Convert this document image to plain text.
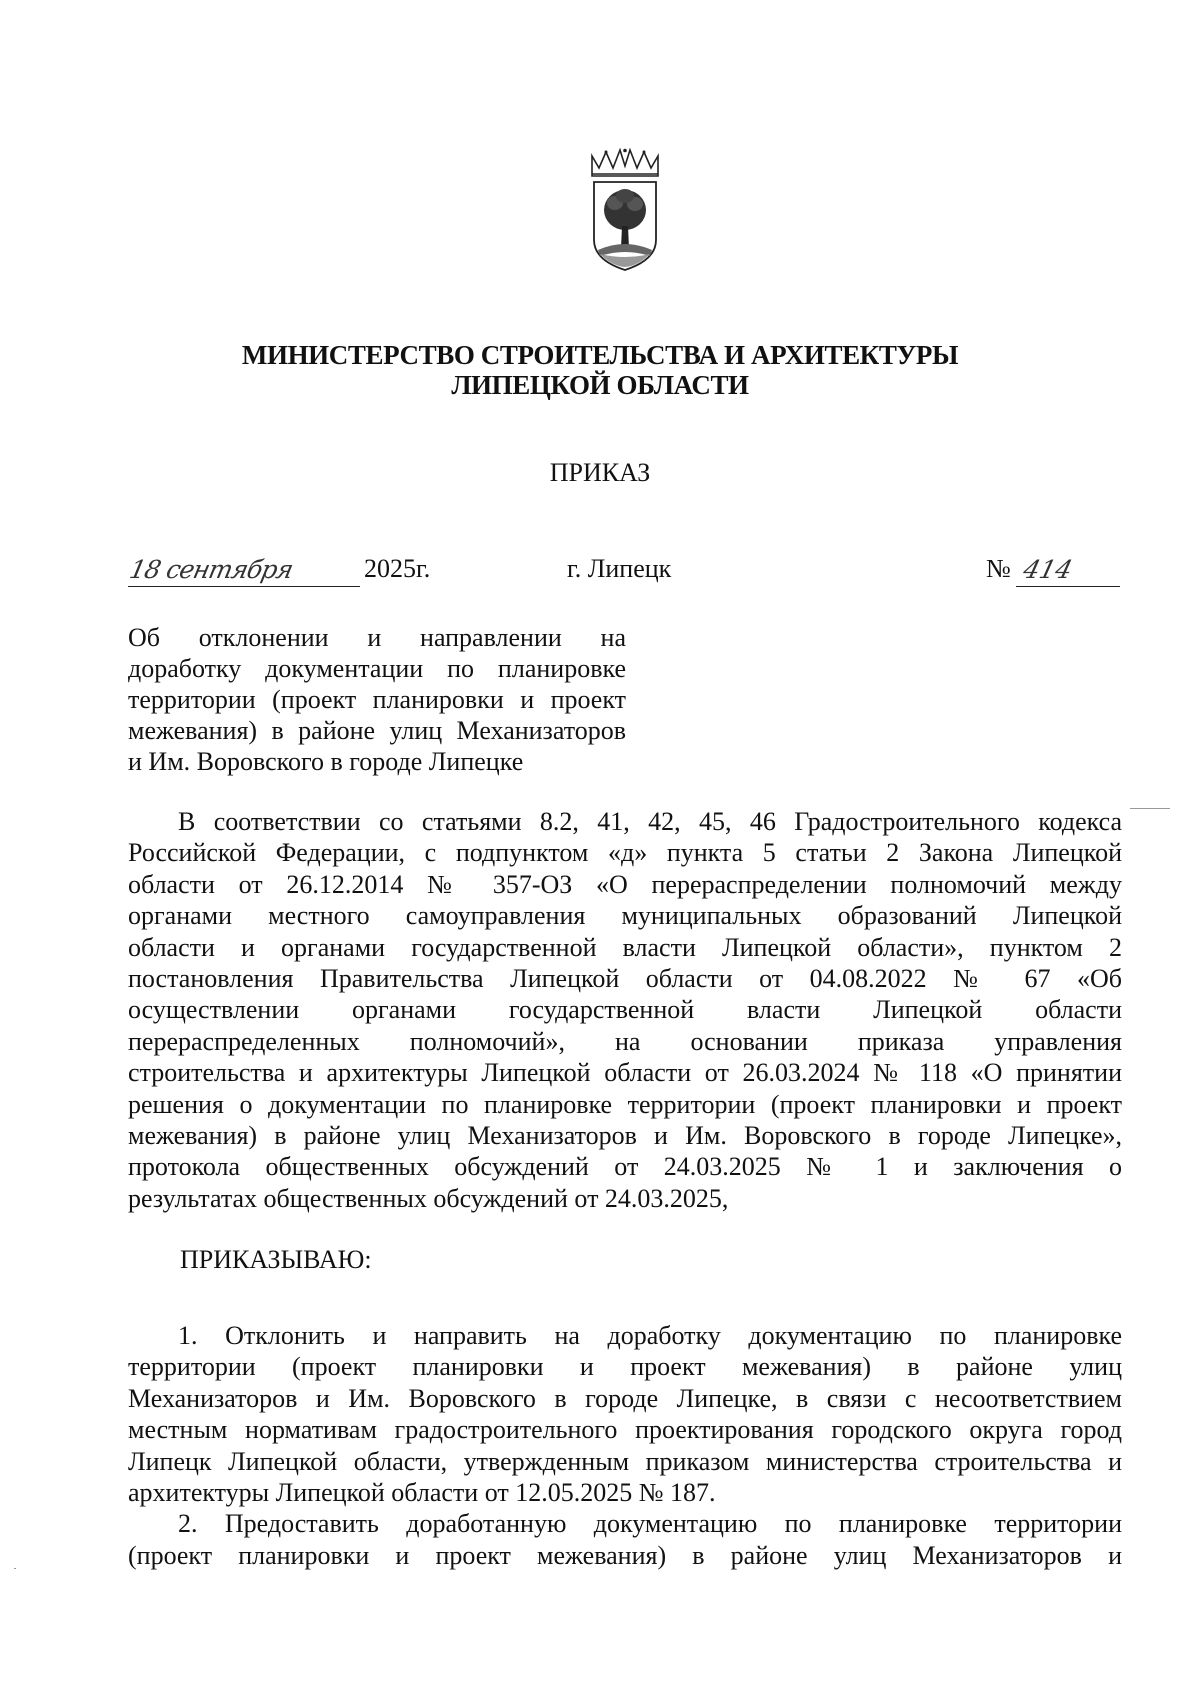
МИНИСТЕРСТВО СТРОИТЕЛЬСТВА И АРХИТЕКТУРЫ
ЛИПЕЦКОЙ ОБЛАСТИ
ПРИКАЗ
18 сентября	2025г.	г. Липецк	№ 414
Об отклонении и направлении на
доработку документации по планировке
территории (проект планировки и проект
межевания) в районе улиц Механизаторов
и Им. Воровского в городе Липецке
В соответствии со статьями 8.2, 41, 42, 45, 46 Градостроительного кодекса
Российской Федерации, с подпунктом «д» пункта 5 статьи 2 Закона Липецкой
области от 26.12.2014 № 357-ОЗ «О перераспределении полномочий между
органами местного самоуправления муниципальных образований Липецкой
области и органами государственной власти Липецкой области», пунктом 2
постановления Правительства Липецкой области от 04.08.2022 № 67 «Об
осуществлении органами государственной власти Липецкой области
перераспределенных полномочий», на основании приказа управления
строительства и архитектуры Липецкой области от 26.03.2024 № 118 «О принятии
решения о документации по планировке территории (проект планировки и проект
межевания) в районе улиц Механизаторов и Им. Воровского в городе Липецке»,
протокола общественных обсуждений от 24.03.2025 № 1 и заключения о
результатах общественных обсуждений от 24.03.2025,
ПРИКАЗЫВАЮ:
1. Отклонить и направить на доработку документацию по планировке
территории (проект планировки и проект межевания) в районе улиц
Механизаторов и Им. Воровского в городе Липецке, в связи с несоответствием
местным нормативам градостроительного проектирования городского округа город
Липецк Липецкой области, утвержденным приказом министерства строительства и
архитектуры Липецкой области от 12.05.2025 № 187.
2. Предоставить доработанную документацию по планировке территории
(проект планировки и проект межевания) в районе улиц Механизаторов и
